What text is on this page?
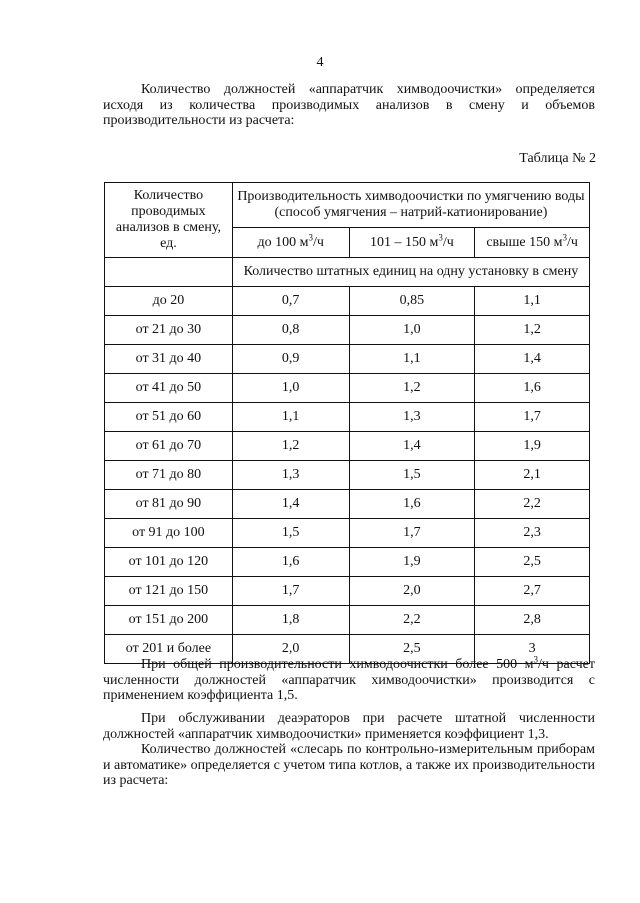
4

Количество должностей «аппаратчик химводоочистки» определяется исходя из количества производимых анализов в смену и объемов производительности из расчета:

Таблица № 2
Количество проводимых анализов в смену, ед.	Производительность химводоочистки по умягчению воды (способ умягчения – натрий-катионирование)		
	до 100 $м^3/ч$	101 – 150 $м^3/ч$	свыше 150 $м^3/ч$
	Количество штатных единиц на одну установку в смену		
до 20	0,7	0,85	1,1
от 21 до 30	0,8	1,0	1,2
от 31 до 40	0,9	1,1	1,4
от 41 до 50	1,0	1,2	1,6
от 51 до 60	1,1	1,3	1,7
от 61 до 70	1,2	1,4	1,9
от 71 до 80	1,3	1,5	2,1
от 81 до 90	1,4	1,6	2,2
от 91 до 100	1,5	1,7	2,3
от 101 до 120	1,6	1,9	2,5
от 121 до 150	1,7	2,0	2,7
от 151 до 200	1,8	2,2	2,8
от 201 и более	2,0	2,5	3

При общей производительности химводоочистки более 500 $м^3/ч$ расчет численности должностей «аппаратчик химводоочистки» производится с применением коэффициента 1,5.

При обслуживании деаэраторов при расчете штатной численности должностей «аппаратчик химводоочистки» применяется коэффициент 1,3.

Количество должностей «слесарь по контрольно-измерительным приборам и автоматике» определяется с учетом типа котлов, а также их производительности из расчета:
